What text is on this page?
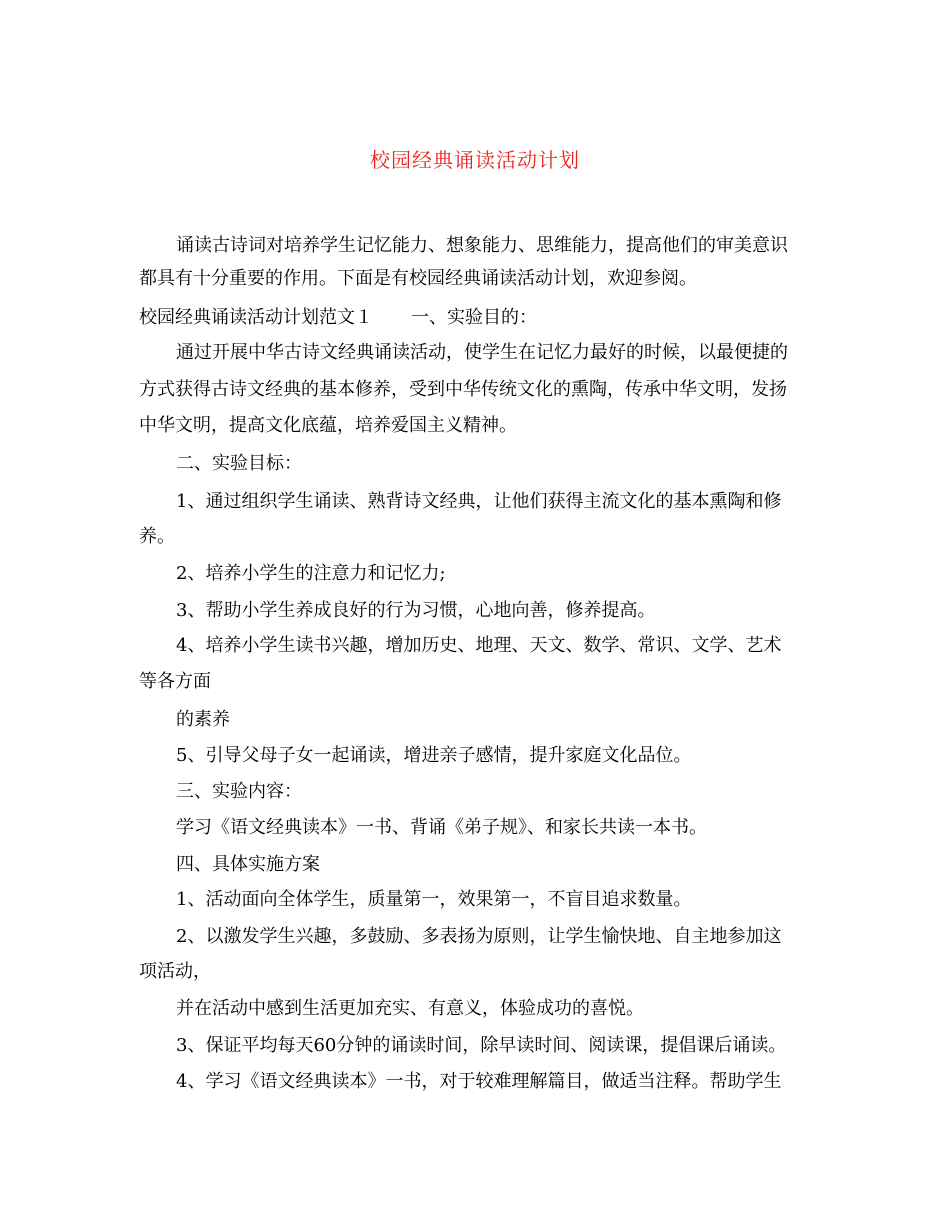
校园经典诵读活动计划
诵读古诗词对培养学生记忆能力、想象能力、思维能力，提高他们的审美意识
都具有十分重要的作用。下面是有校园经典诵读活动计划，欢迎参阅。
校园经典诵读活动计划范文１ 一、实验目的：
通过开展中华古诗文经典诵读活动，使学生在记忆力最好的时候，以最便捷的
方式获得古诗文经典的基本修养，受到中华传统文化的熏陶，传承中华文明，发扬
中华文明，提高文化底蕴，培养爱国主义精神。
二、实验目标：
1、通过组织学生诵读、熟背诗文经典，让他们获得主流文化的基本熏陶和修
养。
2、培养小学生的注意力和记忆力;
3、帮助小学生养成良好的行为习惯，心地向善，修养提高。
4、培养小学生读书兴趣，增加历史、地理、天文、数学、常识、文学、艺术
等各方面
的素养
5、引导父母子女一起诵读，增进亲子感情，提升家庭文化品位。
三、实验内容：
学习《语文经典读本》一书、背诵《弟子规》、和家长共读一本书。
四、具体实施方案
1、活动面向全体学生，质量第一，效果第一，不盲目追求数量。
2、以激发学生兴趣，多鼓励、多表扬为原则，让学生愉快地、自主地参加这
项活动，
并在活动中感到生活更加充实、有意义，体验成功的喜悦。
3、保证平均每天60分钟的诵读时间，除早读时间、阅读课，提倡课后诵读。
4、学习《语文经典读本》一书，对于较难理解篇目，做适当注释。帮助学生
